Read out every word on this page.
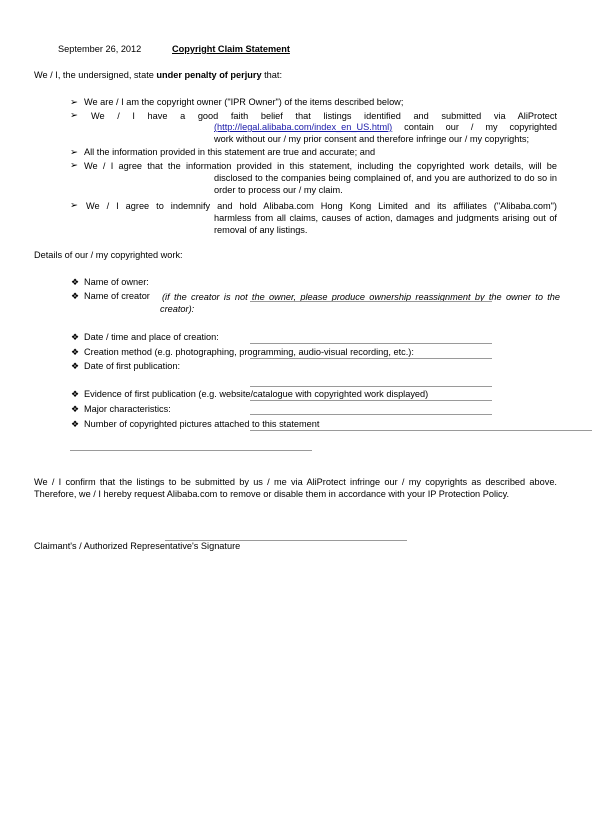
September 26, 2012	Copyright Claim Statement
We / I, the undersigned, state under penalty of perjury that:
➢ We are / I am the copyright owner ("IPR Owner") of the items described below;
➢ We / I have a good faith belief that listings identified and submitted via AliProtect
(http://legal.alibaba.com/index_en_US.html) contain our / my copyrighted
work without our / my prior consent and therefore infringe our / my copyrights;
➢ All the information provided in this statement are true and accurate; and
➢ We / I agree that the information provided in this statement, including the copyrighted work details, will be
disclosed to the companies being complained of, and you are authorized to do so in order to process our / my claim.
➢ We / I agree to indemnify and hold Alibaba.com Hong Kong Limited and its affiliates ("Alibaba.com")
harmless from all claims, causes of action, damages and judgments arising out of removal of any listings.
Details of our / my copyrighted work:
❖ Name of owner:
❖ Name of creator (if the creator is not the owner, please produce ownership reassignment by the owner to the creator):
❖ Date / time and place of creation:
❖ Creation method (e.g. photographing, programming, audio-visual recording, etc.):
❖ Date of first publication:
❖ Evidence of first publication (e.g. website/catalogue with copyrighted work displayed)
❖ Major characteristics:
❖ Number of copyrighted pictures attached to this statement
We / I confirm that the listings to be submitted by us / me via AliProtect infringe our / my copyrights as described above. Therefore, we / I hereby request Alibaba.com to remove or disable them in accordance with your IP Protection Policy.
Claimant's / Authorized Representative's Signature
